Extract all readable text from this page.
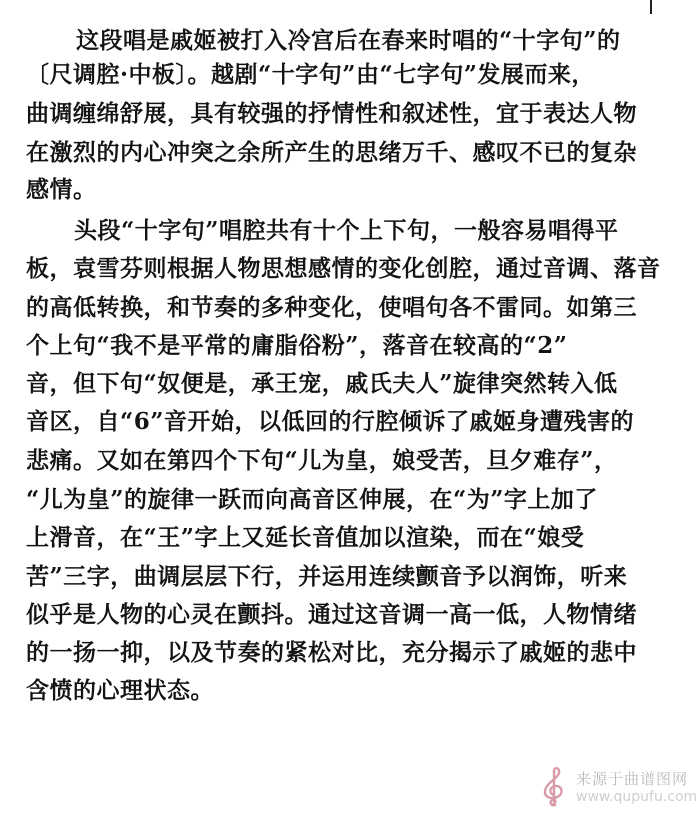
这段唱是戚姬被打入冷宫后在春来时唱的“十字句”的
〔尺调腔·中板〕。越剧“十字句”由“七字句”发展而来，
曲调缠绵舒展，具有较强的抒情性和叙述性，宜于表达人物
在激烈的内心冲突之余所产生的思绪万千、感叹不已的复杂
感情。
头段“十字句”唱腔共有十个上下句，一般容易唱得平
板，袁雪芬则根据人物思想感情的变化创腔，通过音调、落音
的高低转换，和节奏的多种变化，使唱句各不雷同。如第三
个上句“我不是平常的庸脂俗粉”，落音在较高的“2”
音，但下句“奴便是，承王宠，戚氏夫人”旋律突然转入低
音区，自“6”音开始，以低回的行腔倾诉了戚姬身遭残害的
悲痛。又如在第四个下句“儿为皇，娘受苦，旦夕难存”，
“儿为皇”的旋律一跃而向高音区伸展，在“为”字上加了
上滑音，在“王”字上又延长音值加以渲染，而在“娘受
苦”三字，曲调层层下行，并运用连续颤音予以润饰，听来
似乎是人物的心灵在颤抖。通过这音调一高一低，人物情绪
的一扬一抑，以及节奏的紧松对比，充分揭示了戚姬的悲中
含愤的心理状态。
来源于曲谱图网
www.qupufu.com
